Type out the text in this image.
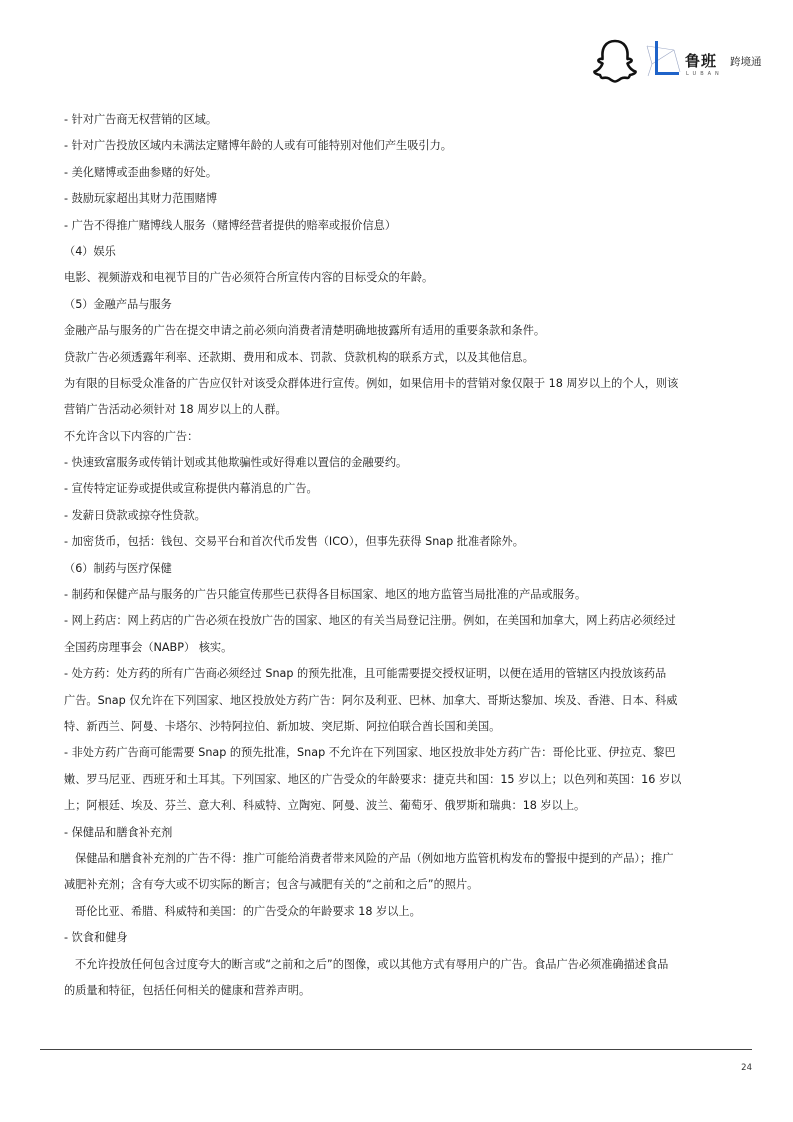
鲁班 跨境通
LUBAN
- 针对广告商无权营销的区域。
- 针对广告投放区域内未满法定赌博年龄的人或有可能特别对他们产生吸引力。
- 美化赌博或歪曲参赌的好处。
- 鼓励玩家超出其财力范围赌博
- 广告不得推广赌博线人服务（赌博经营者提供的赔率或报价信息）
（4）娱乐
电影、视频游戏和电视节目的广告必须符合所宣传内容的目标受众的年龄。
（5）金融产品与服务
金融产品与服务的广告在提交申请之前必须向消费者清楚明确地披露所有适用的重要条款和条件。
贷款广告必须透露年利率、还款期、费用和成本、罚款、贷款机构的联系方式，以及其他信息。
为有限的目标受众准备的广告应仅针对该受众群体进行宣传。例如，如果信用卡的营销对象仅限于 18 周岁以上的个人，则该
营销广告活动必须针对 18 周岁以上的人群。
不允许含以下内容的广告：
- 快速致富服务或传销计划或其他欺骗性或好得难以置信的金融要约。
- 宣传特定证券或提供或宣称提供内幕消息的广告。
- 发薪日贷款或掠夺性贷款。
- 加密货币，包括：钱包、交易平台和首次代币发售（ICO），但事先获得 Snap 批准者除外。
（6）制药与医疗保健
- 制药和保健产品与服务的广告只能宣传那些已获得各目标国家、地区的地方监管当局批准的产品或服务。
- 网上药店：网上药店的广告必须在投放广告的国家、地区的有关当局登记注册。例如，在美国和加拿大，网上药店必须经过
全国药房理事会（NABP） 核实。
- 处方药：处方药的所有广告商必须经过 Snap 的预先批准，且可能需要提交授权证明，以便在适用的管辖区内投放该药品
广告。Snap 仅允许在下列国家、地区投放处方药广告：阿尔及利亚、巴林、加拿大、哥斯达黎加、埃及、香港、日本、科威
特、新西兰、阿曼、卡塔尔、沙特阿拉伯、新加坡、突尼斯、阿拉伯联合酋长国和美国。
- 非处方药广告商可能需要 Snap 的预先批准，Snap 不允许在下列国家、地区投放非处方药广告：哥伦比亚、伊拉克、黎巴
嫩、罗马尼亚、西班牙和土耳其。下列国家、地区的广告受众的年龄要求：捷克共和国：15 岁以上；以色列和英国：16 岁以
上；阿根廷、埃及、芬兰、意大利、科威特、立陶宛、阿曼、波兰、葡萄牙、俄罗斯和瑞典：18 岁以上。
- 保健品和膳食补充剂
保健品和膳食补充剂的广告不得：推广可能给消费者带来风险的产品（例如地方监管机构发布的警报中提到的产品）；推广
减肥补充剂；含有夸大或不切实际的断言；包含与减肥有关的“之前和之后”的照片。
哥伦比亚、希腊、科威特和美国：的广告受众的年龄要求 18 岁以上。
- 饮食和健身
不允许投放任何包含过度夸大的断言或“之前和之后”的图像，或以其他方式有辱用户的广告。食品广告必须准确描述食品
的质量和特征，包括任何相关的健康和营养声明。
24
